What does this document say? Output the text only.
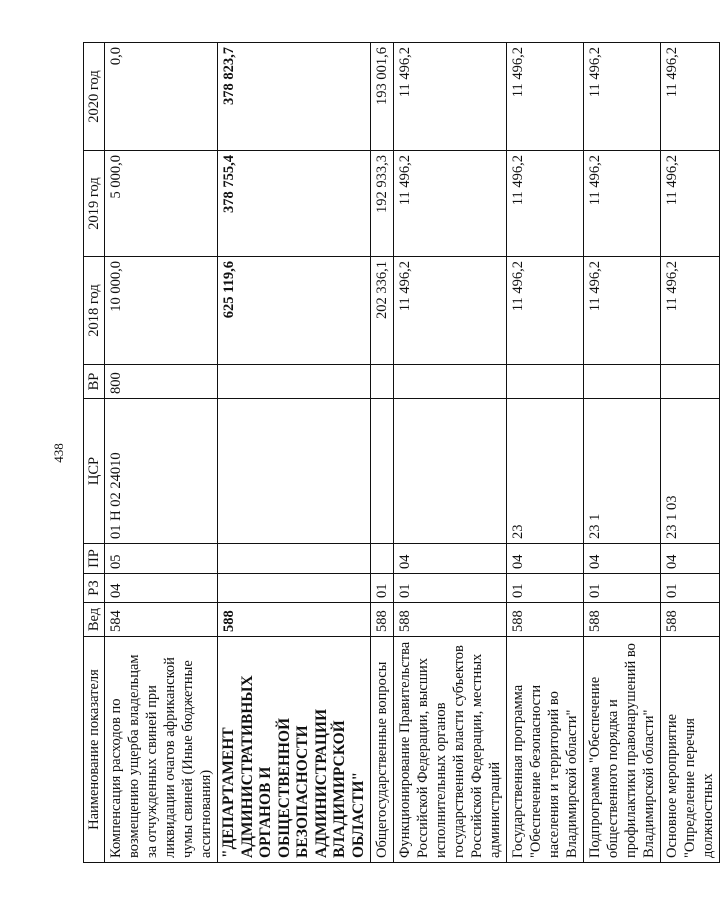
438
Наименование показателя	Вед	РЗ	ПР	ЦСР	ВР	2018 год	2019 год	2020 год
Компенсация расходов по возмещению ущерба владельцам за отчужденных свиней при ликвидации очагов африканской чумы свиней (Иные бюджетные ассигнования)	584	04	05	01 Н 02 24010	800	10 000,0	5 000,0	0,0
"ДЕПАРТАМЕНТ АДМИНИСТРАТИВНЫХ ОРГАНОВ И ОБЩЕСТВЕННОЙ БЕЗОПАСНОСТИ АДМИНИСТРАЦИИ ВЛАДИМИРСКОЙ ОБЛАСТИ"	588					625 119,6	378 755,4	378 823,7
Общегосударственные вопросы	588	01				202 336,1	192 933,3	193 001,6
Функционирование Правительства Российской Федерации, высших исполнительных органов государственной власти субъектов Российской Федерации, местных администраций	588	01	04			11 496,2	11 496,2	11 496,2
Государственная программа "Обеспечение безопасности населения и территорий во Владимирской области"	588	01	04	23		11 496,2	11 496,2	11 496,2
Подпрограмма "Обеспечение общественного порядка и профилактики правонарушений во Владимирской области"	588	01	04	23 1		11 496,2	11 496,2	11 496,2
Основное мероприятие "Определение перечня должностных	588	01	04	23 1 03		11 496,2	11 496,2	11 496,2
